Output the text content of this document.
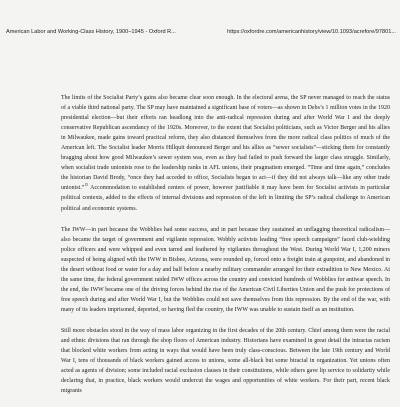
American Labor and Working-Class History, 1900–1945 - Oxford R...	https://oxfordre.com/americanhistory/view/10.1093/acrefore/97801...

The limits of the Socialist Party’s gains also became clear soon enough. In the electoral arena, the SP never managed to reach the status of a viable third national party. The SP may have maintained a significant base of voters—as shown in Debs’s 1 million votes in the 1920 presidential election—but their efforts ran headlong into the anti-radical repression during and after World War I and the deeply conservative Republican ascendancy of the 1920s. Moreover, to the extent that Socialist politicians, such as Victor Berger and his allies in Milwaukee, made gains toward practical reform, they also distanced themselves from the more radical class politics of much of the American left. The Socialist leader Morris Hillquit denounced Berger and his allies as “sewer socialists”—sticking them for constantly bragging about how good Milwaukee’s sewer system was, even as they had failed to push forward the larger class struggle. Similarly, when socialist trade unionists rose to the leadership ranks in AFL unions, their pragmatism emerged. “Time and time again,” concludes the historian David Brody, “once they had acceded to office, Socialists began to act—if they did not always talk—like any other trade unionist.”$^{15}$ Accommodation to established centers of power, however justifiable it may have been for Socialist activists in particular political contexts, added to the effects of internal divisions and repression of the left in limiting the SP’s radical challenge to American political and economic systems.

The IWW—in part because the Wobblies had some success, and in part because they sustained an unflagging theoretical radicalism—also became the target of government and vigilante repression. Wobbly activists leading “free speech campaigns” faced club-wielding police officers and were whipped and even tarred and feathered by vigilantes throughout the West. During World War I, 1,200 miners suspected of being aligned with the IWW in Bisbee, Arizona, were rounded up, forced onto a freight train at gunpoint, and abandoned in the desert without food or water for a day and half before a nearby military commander arranged for their extradition to New Mexico. At the same time, the federal government raided IWW offices across the country and convicted hundreds of Wobblies for antiwar speech. In the end, the IWW became one of the driving forces behind the rise of the American Civil Liberties Union and the push for protections of free speech during and after World War I, but the Wobblies could not save themselves from this repression. By the end of the war, with many of its leaders imprisoned, deported, or having fled the country, the IWW was unable to sustain itself as an institution.

Still more obstacles stood in the way of mass labor organizing in the first decades of the 20th century. Chief among them were the racial and ethnic divisions that ran through the shop floors of American industry. Historians have examined in great detail the intractas racism that blocked white workers from acting in ways that would have been truly class-conscious. Between the late 19th century and World War I, tens of thousands of black workers gained access to unions, some all-black but some biracial in organization. Yet unions often acted as agents of division; some included racial exclusion clauses in their constitutions, while others gave lip service to solidarity while declaring that, in practice, black workers would undercut the wages and opportunities of white workers. For their part, recent black migrants
